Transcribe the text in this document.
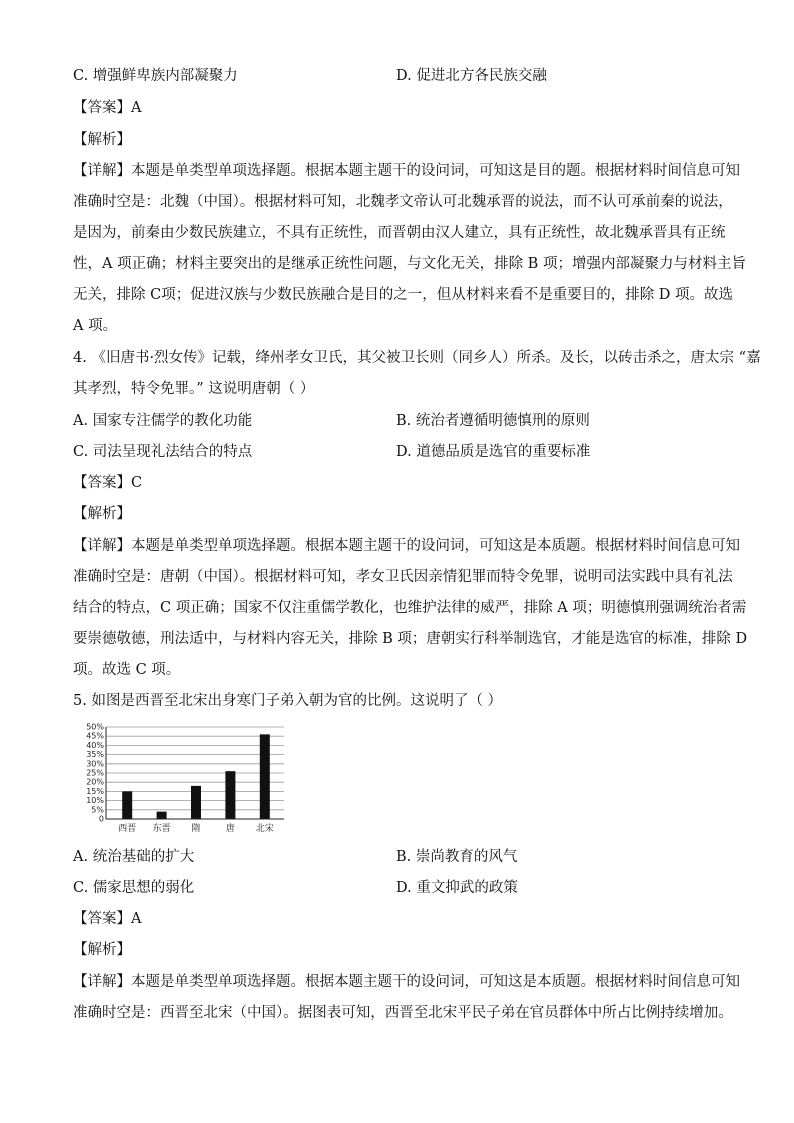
C. 增强鲜卑族内部凝聚力	D. 促进北方各民族交融
【答案】A
【解析】
【详解】本题是单类型单项选择题。根据本题主题干的设问词，可知这是目的题。根据材料时间信息可知
准确时空是：北魏（中国）。根据材料可知，北魏孝文帝认可北魏承晋的说法，而不认可承前秦的说法，
是因为，前秦由少数民族建立，不具有正统性，而晋朝由汉人建立，具有正统性，故北魏承晋具有正统
性，A 项正确；材料主要突出的是继承正统性问题，与文化无关，排除 B 项；增强内部凝聚力与材料主旨
无关，排除 C项；促进汉族与少数民族融合是目的之一，但从材料来看不是重要目的，排除 D 项。故选
A 项。
4. 《旧唐书·烈女传》记载，绛州孝女卫氏，其父被卫长则（同乡人）所杀。及长，以砖击杀之，唐太宗 “嘉
其孝烈，特令免罪。” 这说明唐朝（ ）
A. 国家专注儒学的教化功能	B. 统治者遵循明德慎刑的原则
C. 司法呈现礼法结合的特点	D. 道德品质是选官的重要标准
【答案】C
【解析】
【详解】本题是单类型单项选择题。根据本题主题干的设问词，可知这是本质题。根据材料时间信息可知
准确时空是：唐朝（中国）。根据材料可知，孝女卫氏因亲情犯罪而特令免罪，说明司法实践中具有礼法
结合的特点，C 项正确；国家不仅注重儒学教化，也维护法律的威严，排除 A 项；明德慎刑强调统治者需
要崇德敬德，刑法适中，与材料内容无关，排除 B 项；唐朝实行科举制选官，才能是选官的标准，排除 D
项。故选 C 项。
5. 如图是西晋至北宋出身寒门子弟入朝为官的比例。这说明了（ ）
0
5%
10%
15%
20%
25%
30%
35%
40%
45%
50%
西晋 东晋 隋	唐 北宋
A. 统治基础的扩大	B. 崇尚教育的风气
C. 儒家思想的弱化	D. 重文抑武的政策
【答案】A
【解析】
【详解】本题是单类型单项选择题。根据本题主题干的设问词，可知这是本质题。根据材料时间信息可知
准确时空是：西晋至北宋（中国）。据图表可知，西晋至北宋平民子弟在官员群体中所占比例持续增加。
